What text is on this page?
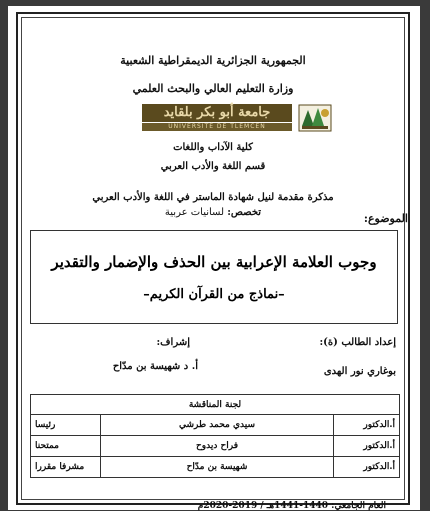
الجمهورية الجزائرية الديمقراطية الشعبية
وزارة التعليم العالي والبحث العلمي
جامعة أبو بكر بلقايد
UNIVERSITÉ DE TLEMCEN
كلية الآداب واللغات
قسم اللغة والأدب العربي
مذكرة مقدمة لنيل شهادة الماستر في اللغة والأدب العربي
تخصص: لسانيات عربية	الموضوع:
وجوب العلامة الإعرابية بين الحذف والإضمار والتقدير
–نماذج من القرآن الكريم–
إعداد الطالب (ة):
إشراف:
بوغاري نور الهدى
أ. د شهيسة بن مدّاح
لجنة المناقشة		
أ.الدكتور	سيدي محمد طرشي	رئيسا
أ.الدكتور	فراح ديدوح	ممتحنا
أ.الدكتور	شهيسة بن مدّاح	مشرفا مقررا
العام الجامعي: 1440-1441هـ / 2019-2020م
